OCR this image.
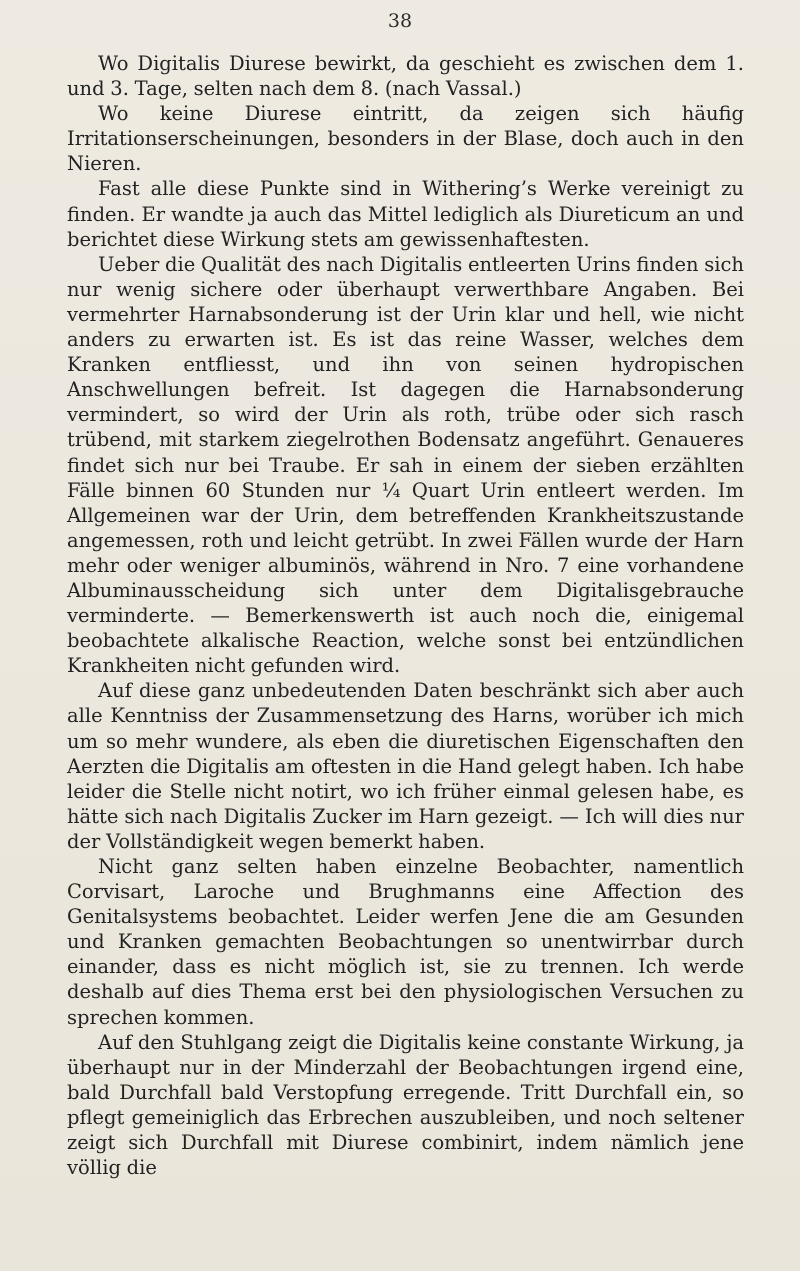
38

Wo Digitalis Diurese bewirkt, da geschieht es zwischen dem 1. und 3. Tage, selten nach dem 8. (nach Vassal.)

Wo keine Diurese eintritt, da zeigen sich häufig Irritationserscheinungen, besonders in der Blase, doch auch in den Nieren.

Fast alle diese Punkte sind in Withering’s Werke vereinigt zu finden. Er wandte ja auch das Mittel lediglich als Diureticum an und berichtet diese Wirkung stets am gewissenhaftesten.

Ueber die Qualität des nach Digitalis entleerten Urins finden sich nur wenig sichere oder überhaupt verwerthbare Angaben. Bei vermehrter Harnabsonderung ist der Urin klar und hell, wie nicht anders zu erwarten ist. Es ist das reine Wasser, welches dem Kranken entfliesst, und ihn von seinen hydropischen Anschwellungen befreit. Ist dagegen die Harnabsonderung vermindert, so wird der Urin als roth, trübe oder sich rasch trübend, mit starkem ziegelrothen Bodensatz angeführt. Genaueres findet sich nur bei Traube. Er sah in einem der sieben erzählten Fälle binnen 60 Stunden nur ¼ Quart Urin entleert werden. Im Allgemeinen war der Urin, dem betreffenden Krankheitszustande angemessen, roth und leicht getrübt. In zwei Fällen wurde der Harn mehr oder weniger albuminös, während in Nro. 7 eine vorhandene Albuminausscheidung sich unter dem Digitalisgebrauche verminderte. — Bemerkenswerth ist auch noch die, einigemal beobachtete alkalische Reaction, welche sonst bei entzündlichen Krankheiten nicht gefunden wird.

Auf diese ganz unbedeutenden Daten beschränkt sich aber auch alle Kenntniss der Zusammensetzung des Harns, worüber ich mich um so mehr wundere, als eben die diuretischen Eigenschaften den Aerzten die Digitalis am oftesten in die Hand gelegt haben. Ich habe leider die Stelle nicht notirt, wo ich früher einmal gelesen habe, es hätte sich nach Digitalis Zucker im Harn gezeigt. — Ich will dies nur der Vollständigkeit wegen bemerkt haben.

Nicht ganz selten haben einzelne Beobachter, namentlich Corvisart, Laroche und Brughmanns eine Affection des Genitalsystems beobachtet. Leider werfen Jene die am Gesunden und Kranken gemachten Beobachtungen so unentwirrbar durch einander, dass es nicht möglich ist, sie zu trennen. Ich werde deshalb auf dies Thema erst bei den physiologischen Versuchen zu sprechen kommen.

Auf den Stuhlgang zeigt die Digitalis keine constante Wirkung, ja überhaupt nur in der Minderzahl der Beobachtungen irgend eine, bald Durchfall bald Verstopfung erregende. Tritt Durchfall ein, so pflegt gemeiniglich das Erbrechen auszubleiben, und noch seltener zeigt sich Durchfall mit Diurese combinirt, indem nämlich jene völlig die
